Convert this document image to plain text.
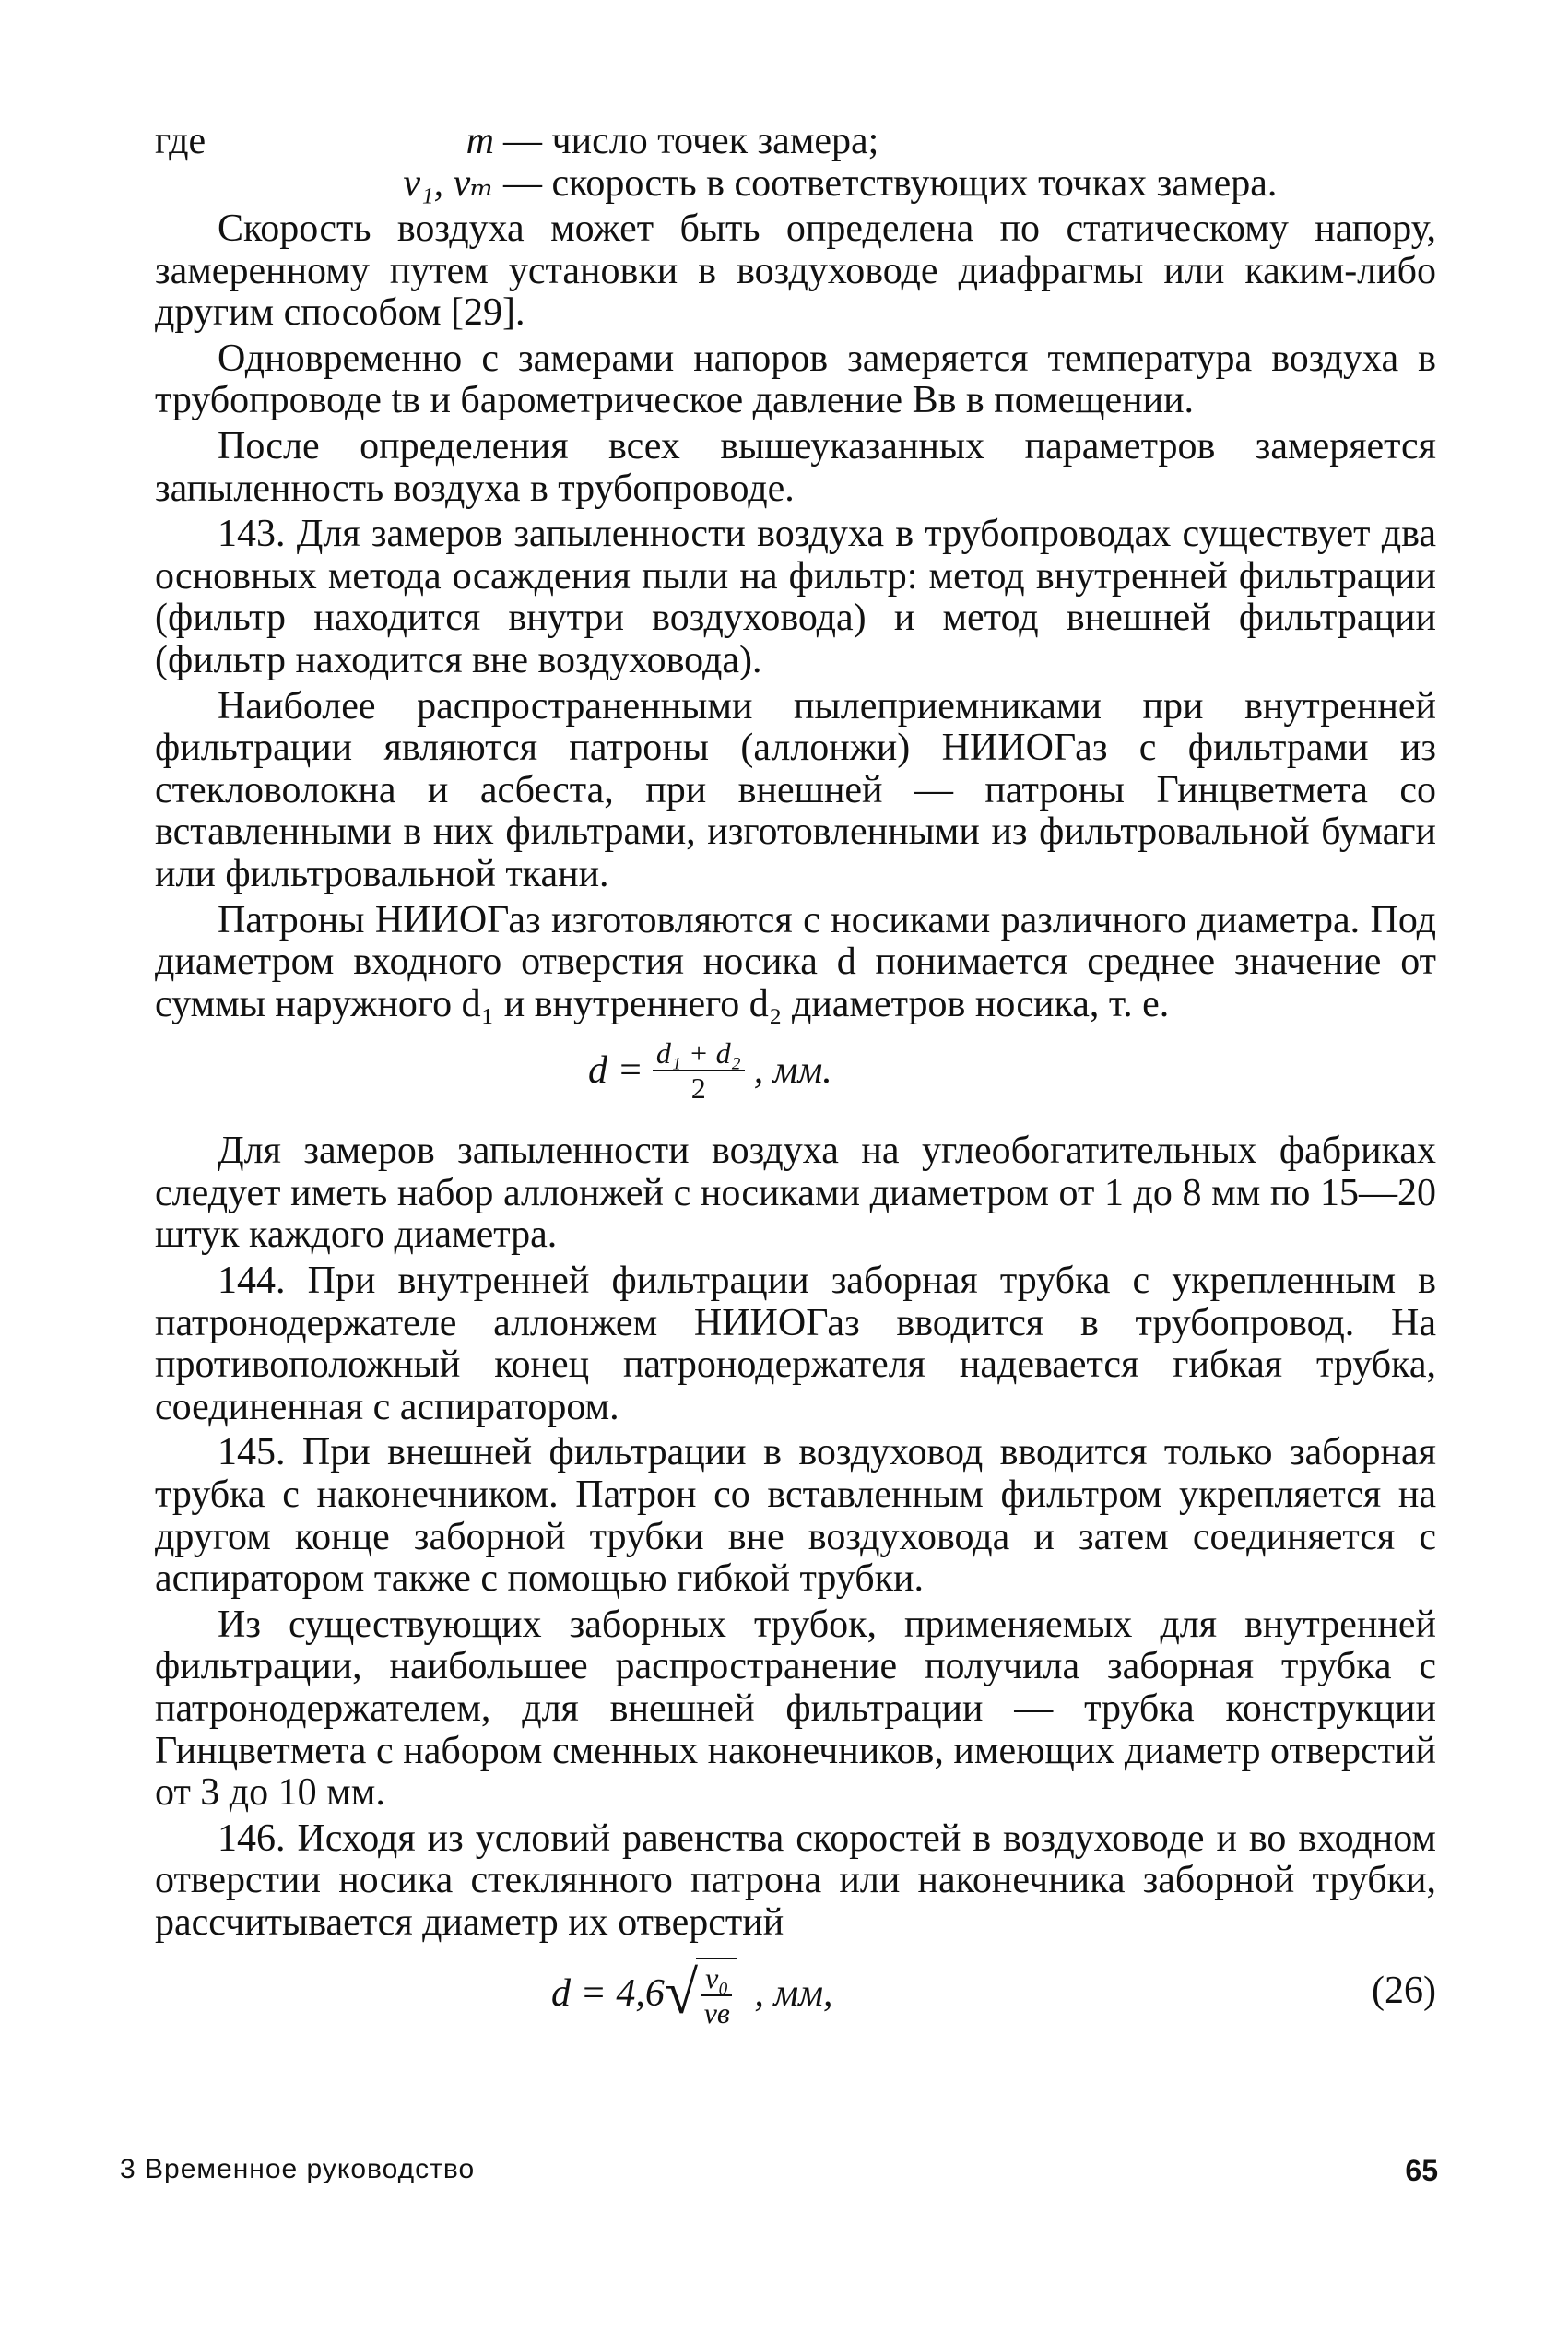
где	m — число точек замера;
v₁, vₘ — скорость в соответствующих точках замера.

Скорость воздуха может быть определена по статическому напору, замеренному путем установки в воздуховоде диафрагмы или каким-либо другим способом [29].

Одновременно с замерами напоров замеряется температура воздуха в трубопроводе tв и барометрическое давление Вв в помещении.

После определения всех вышеуказанных параметров замеряется запыленность воздуха в трубопроводе.

143. Для замеров запыленности воздуха в трубопроводах существует два основных метода осаждения пыли на фильтр: метод внутренней фильтрации (фильтр находится внутри воздуховода) и метод внешней фильтрации (фильтр находится вне воздуховода).

Наиболее распространенными пылеприемниками при внутренней фильтрации являются патроны (аллонжи) НИИОГаз с фильтрами из стекловолокна и асбеста, при внешней — патроны Гинцветмета со вставленными в них фильтрами, изготовленными из фильтровальной бумаги или фильтровальной ткани.

Патроны НИИОГаз изготовляются с носиками различного диаметра. Под диаметром входного отверстия носика d понимается среднее значение от суммы наружного d₁ и внутреннего d₂ диаметров носика, т. е.

$d = \frac{\text{d₁ + d₂}}{2}$ , мм.

Для замеров запыленности воздуха на углеобогатительных фабриках следует иметь набор аллонжей с носиками диаметром от 1 до 8 мм по 15—20 штук каждого диаметра.

144. При внутренней фильтрации заборная трубка с укрепленным в патронодержателе аллонжем НИИОГаз вводится в трубопровод. На противоположный конец патронодержателя надевается гибкая трубка, соединенная с аспиратором.

145. При внешней фильтрации в воздуховод вводится только заборная трубка с наконечником. Патрон со вставленным фильтром укрепляется на другом конце заборной трубки вне воздуховода и затем соединяется с аспиратором также с помощью гибкой трубки.

Из существующих заборных трубок, применяемых для внутренней фильтрации, наибольшее распространение получила заборная трубка с патронодержателем, для внешней фильтрации — трубка конструкции Гинцветмета с набором сменных наконечников, имеющих диаметр отверстий от 3 до 10 мм.

146. Исходя из условий равенства скоростей в воздуховоде и во входном отверстии носика стеклянного патрона или наконечника заборной трубки, рассчитывается диаметр их отверстий

d = 4,6 √
$\frac{\text{v₀}}{vв}$ , мм,	(26)
3 Временное руководство	65
